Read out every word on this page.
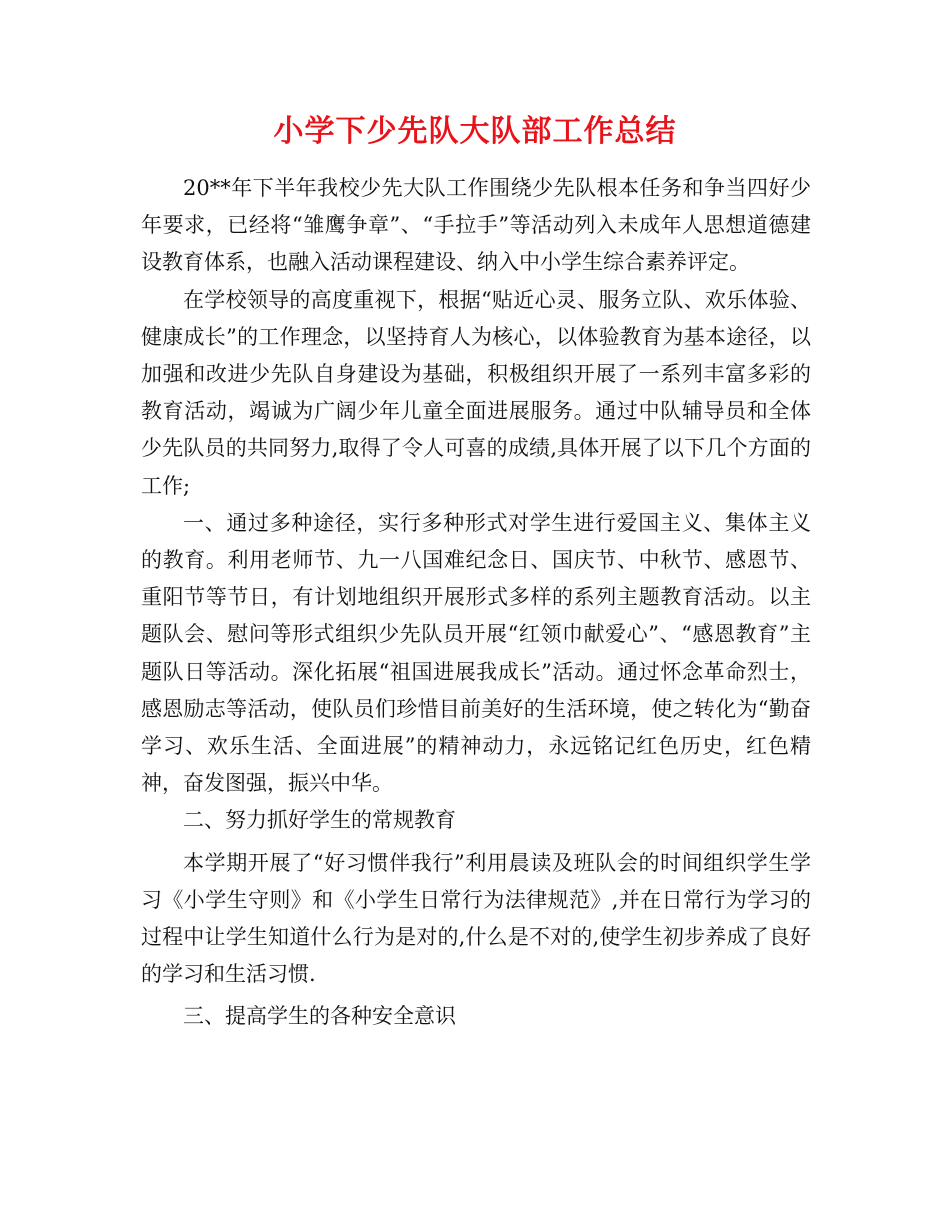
小学下少先队大队部工作总结

20**年下半年我校少先大队工作围绕少先队根本任务和争当四好少年要求，已经将“雏鹰争章”、“手拉手”等活动列入未成年人思想道德建设教育体系，也融入活动课程建设、纳入中小学生综合素养评定。

在学校领导的高度重视下，根据“贴近心灵、服务立队、欢乐体验、健康成长”的工作理念，以坚持育人为核心，以体验教育为基本途径，以加强和改进少先队自身建设为基础，积极组织开展了一系列丰富多彩的教育活动，竭诚为广阔少年儿童全面进展服务。通过中队辅导员和全体少先队员的共同努力,取得了令人可喜的成绩,具体开展了以下几个方面的工作;

一、通过多种途径，实行多种形式对学生进行爱国主义、集体主义的教育。利用老师节、九一八国难纪念日、国庆节、中秋节、感恩节、重阳节等节日，有计划地组织开展形式多样的系列主题教育活动。以主题队会、慰问等形式组织少先队员开展“红领巾献爱心”、“感恩教育”主题队日等活动。深化拓展“祖国进展我成长”活动。通过怀念革命烈士，感恩励志等活动，使队员们珍惜目前美好的生活环境，使之转化为“勤奋学习、欢乐生活、全面进展”的精神动力，永远铭记红色历史，红色精神，奋发图强，振兴中华。

二、努力抓好学生的常规教育

本学期开展了“好习惯伴我行”利用晨读及班队会的时间组织学生学习《小学生守则》和《小学生日常行为法律规范》,并在日常行为学习的过程中让学生知道什么行为是对的,什么是不对的,使学生初步养成了良好的学习和生活习惯.

三、提高学生的各种安全意识
